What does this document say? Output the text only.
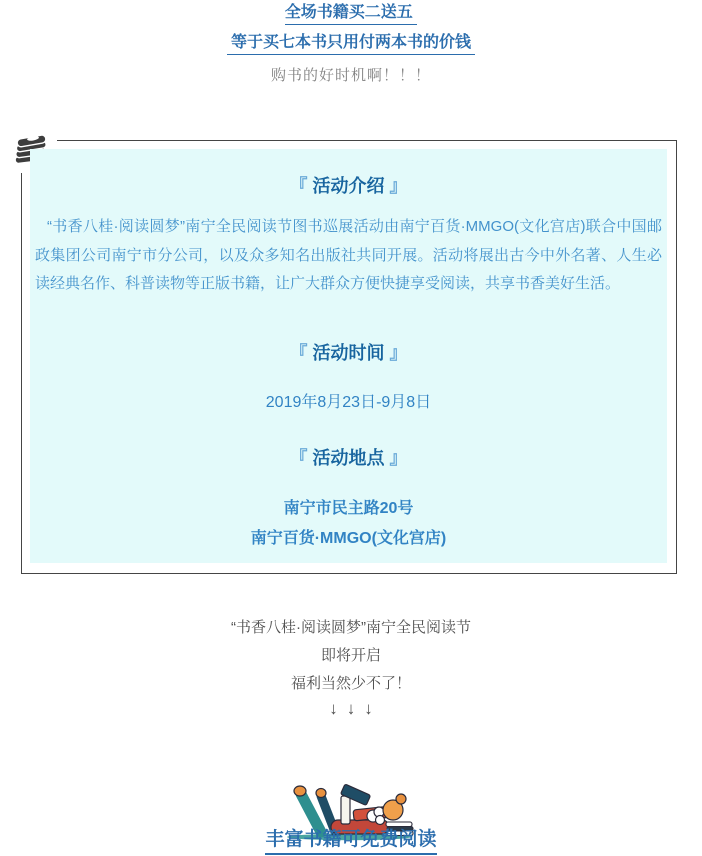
全场书籍买二送五
等于买七本书只用付两本书的价钱
购书的好时机啊！！！
『 活动介绍 』
“书香八桂·阅读圆梦”南宁全民阅读节图书巡展活动由南宁百货·MMGO(文化宫店)联合中国邮政集团公司南宁市分公司，以及众多知名出版社共同开展。活动将展出古今中外名著、人生必读经典名作、科普读物等正版书籍，让广大群众方便快捷享受阅读，共享书香美好生活。
『 活动时间 』
2019年8月23日-9月8日
『 活动地点 』
南宁市民主路20号
南宁百货·MMGO(文化宫店)
“书香八桂·阅读圆梦”南宁全民阅读节
即将开启
福利当然少不了！
↓↓↓
丰富书籍可免费阅读
